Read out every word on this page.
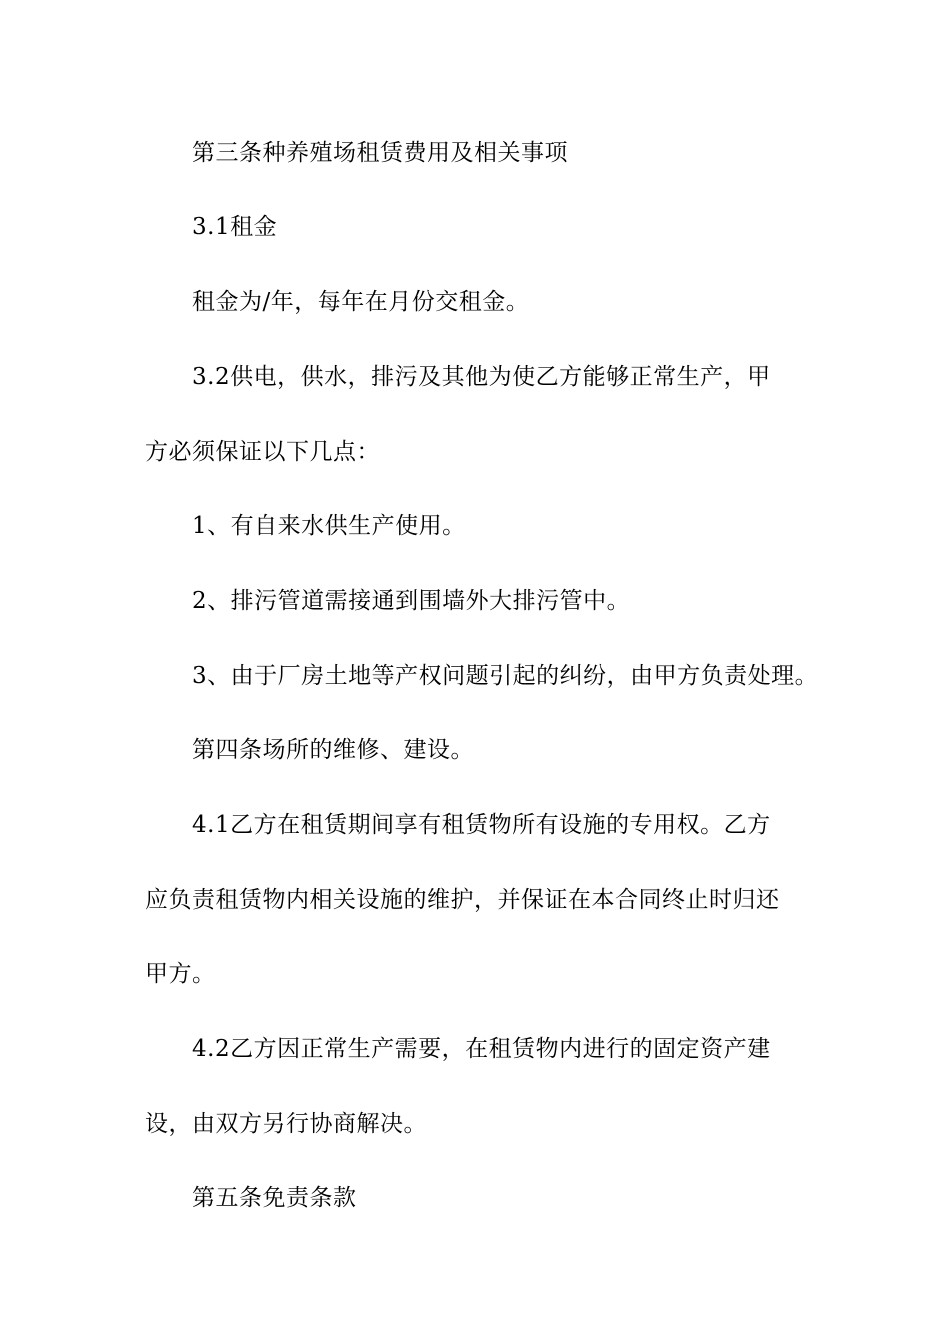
第三条种养殖场租赁费用及相关事项
3.1租金
租金为/年，每年在月份交租金。
3.2供电，供水，排污及其他为使乙方能够正常生产，甲
方必须保证以下几点：
1、有自来水供生产使用。
2、排污管道需接通到围墙外大排污管中。
3、由于厂房土地等产权问题引起的纠纷，由甲方负责处理。
第四条场所的维修、建设。
4.1乙方在租赁期间享有租赁物所有设施的专用权。乙方
应负责租赁物内相关设施的维护，并保证在本合同终止时归还
甲方。
4.2乙方因正常生产需要，在租赁物内进行的固定资产建
设，由双方另行协商解决。
第五条免责条款
